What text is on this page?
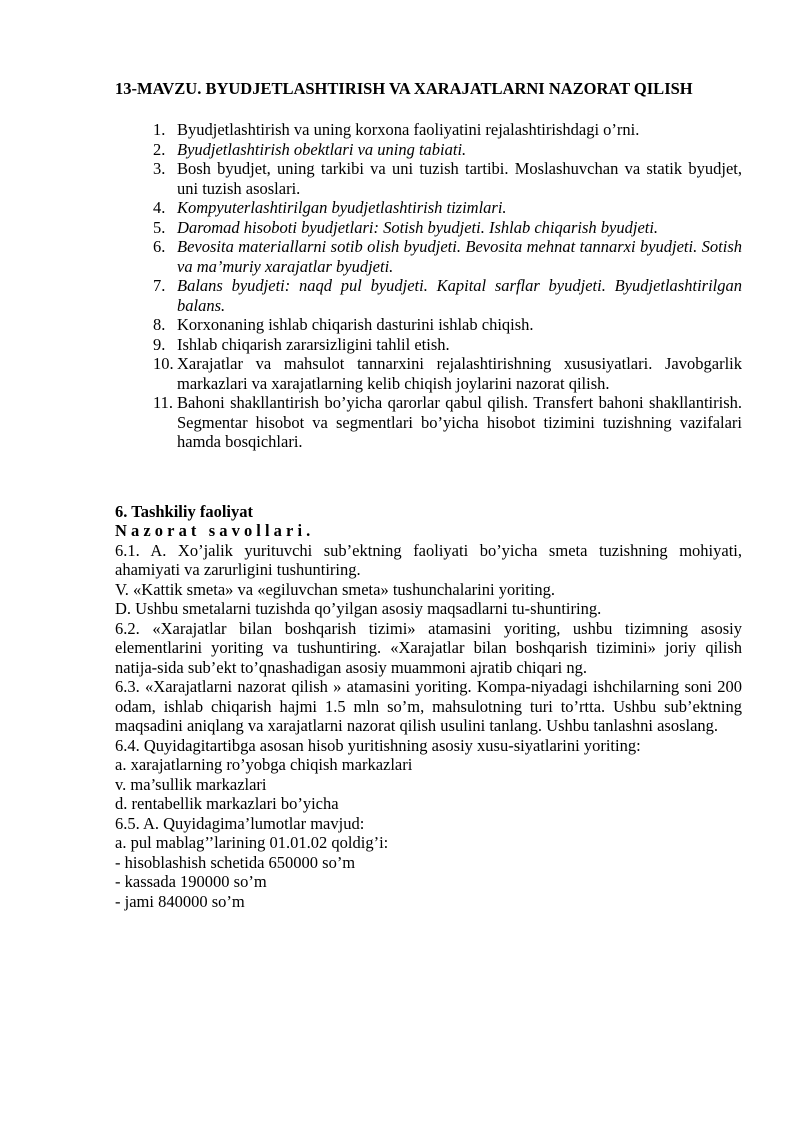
13-MAVZU. BYUDJETLASHTIRISH VA XARAJATLARNI NAZORAT QILISH

1. Byudjetlashtirish va uning korxona faoliyatini rejalashtirishdagi o’rni.
2. Byudjetlashtirish obektlari va uning tabiati.
3. Bosh byudjet, uning tarkibi va uni tuzish tartibi. Moslashuvchan va statik byudjet, uni tuzish asoslari.
4. Kompyuterlashtirilgan byudjetlashtirish tizimlari.
5. Daromad hisoboti byudjetlari: Sotish byudjeti. Ishlab chiqarish byudjeti.
6. Bevosita materiallarni sotib olish byudjeti. Bevosita mehnat tannarxi byudjeti. Sotish va ma’muriy xarajatlar byudjeti.
7. Balans byudjeti: naqd pul byudjeti. Kapital sarflar byudjeti. Byudjetlashtirilgan balans.
8. Korxonaning ishlab chiqarish dasturini ishlab chiqish.
9. Ishlab chiqarish zararsizligini tahlil etish.
10. Xarajatlar va mahsulot tannarxini rejalashtirishning xususiyatlari. Javobgarlik markazlari va xarajatlarning kelib chiqish joylarini nazorat qilish.
11. Bahoni shakllantirish bo’yicha qarorlar qabul qilish. Transfert bahoni shakllantirish. Segmentar hisobot va segmentlari bo’yicha hisobot tizimini tuzishning vazifalari hamda bosqichlari.

6. Tashkiliy faoliyat

Nazorat savollari.

6.1. A. Xo’jalik yurituvchi sub’ektning faoliyati bo’yicha smeta tuzishning mohiyati, ahamiyati va zarurligini tushuntiring.

V. «Kattik smeta» va «egiluvchan smeta» tushunchalarini yoriting.

D. Ushbu smetalarni tuzishda qo’yilgan asosiy maqsadlarni tu-shuntiring.

6.2. «Xarajatlar bilan boshqarish tizimi» atamasini yoriting, ushbu tizimning asosiy elementlarini yoriting va tushuntiring. «Xarajatlar bilan boshqarish tizimini» joriy qilish natija-sida sub’ekt to’qnashadigan asosiy muammoni ajratib chiqari ng.

6.3. «Xarajatlarni nazorat qilish » atamasini yoriting. Kompa-niyadagi ishchilarning soni 200 odam, ishlab chiqarish hajmi 1.5 mln so’m, mahsulotning turi to’rtta. Ushbu sub’ektning maqsadini aniqlang va xarajatlarni nazorat qilish usulini tanlang. Ushbu tanlashni asoslang.

6.4. Quyidagitartibga asosan hisob yuritishning asosiy xusu-siyatlarini yoriting:

a. xarajatlarning ro’yobga chiqish markazlari

v. ma’sullik markazlari

d. rentabellik markazlari bo’yicha

6.5. A. Quyidagima’lumotlar mavjud:

a. pul mablag’’larining 01.01.02 qoldig’i:

- hisoblashish schetida 650000 so’m

- kassada 190000 so’m

- jami 840000 so’m
